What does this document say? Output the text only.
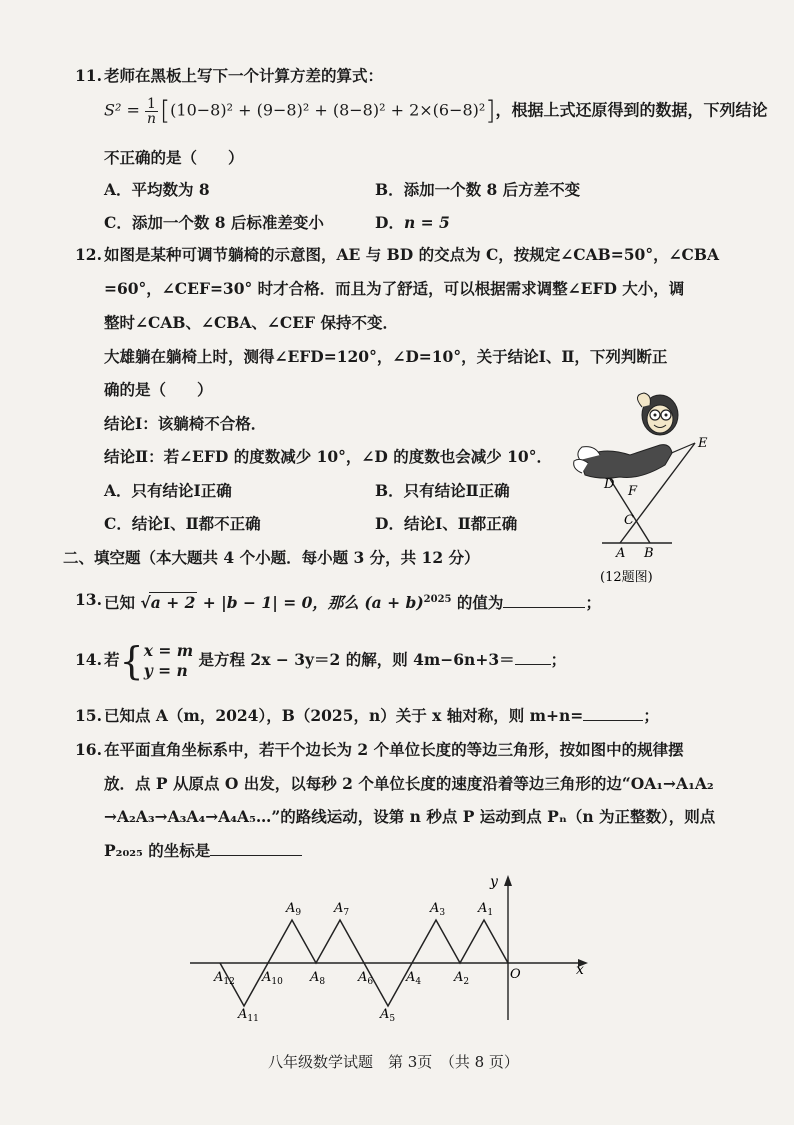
11. 老师在黑板上写下一个计算方差的算式：
$S^2 = \frac{1}{n} [(10-8)^2 + (9-8)^2 + (8-8)^2 + 2\times(6-8)^2]$，根据上式还原得到的数据，下列结论
不正确的是（　　）
A．平均数为 8	B．添加一个数 8 后方差不变
C．添加一个数 8 后标准差变小	D．n = 5
12. 如图是某种可调节躺椅的示意图，AE 与 BD 的交点为 C，按规定∠CAB=50°，∠CBA
=60°，∠CEF=30° 时才合格．而且为了舒适，可以根据需求调整∠EFD 大小，调
整时∠CAB、∠CBA、∠CEF 保持不变．
大雄躺在躺椅上时，测得∠EFD=120°，∠D=10°，关于结论Ⅰ、Ⅱ，下列判断正
确的是（　　）
结论Ⅰ：该躺椅不合格．
结论Ⅱ：若∠EFD 的度数减少 10°，∠D 的度数也会减少 10°．
A．只有结论Ⅰ正确	B．只有结论Ⅱ正确
C．结论Ⅰ、Ⅱ都不正确	D．结论Ⅰ、Ⅱ都正确
E
D F
C
A B
(12题图)
二、填空题（本大题共 4 个小题．每小题 3 分，共 12 分）
13. 已知 √a + 2 + |b − 1| = 0，那么 $(a + b)^{2025}$ 的值为	；
14. 若{ x = m
y = n
是方程 2x − 3y＝2 的解，则 4m−6n+3＝ ；
15. 已知点 A（m，2024），B（2025，n）关于 x 轴对称，则 m+n=	；
16. 在平面直角坐标系中，若干个边长为 2 个单位长度的等边三角形，按如图中的规律摆
放．点 P 从原点 O 出发，以每秒 2 个单位长度的速度沿着等边三角形的边“OA₁→A₁A₂
→A₂A₃→A₃A₄→A₄A₅…”的路线运动，设第 n 秒点 P 运动到点 Pₙ（n 为正整数），则点
P₂₀₂₅ 的坐标是
y
x
O
$A_1$
$A_2$
$A_3$
$A_4$
$A_5$
$A_6$
$A_7$
$A_8$
$A_9$
$A_{10}$
$A_{11}$
$A_{12}$
八年级数学试题　第 3页　（共 8 页）
